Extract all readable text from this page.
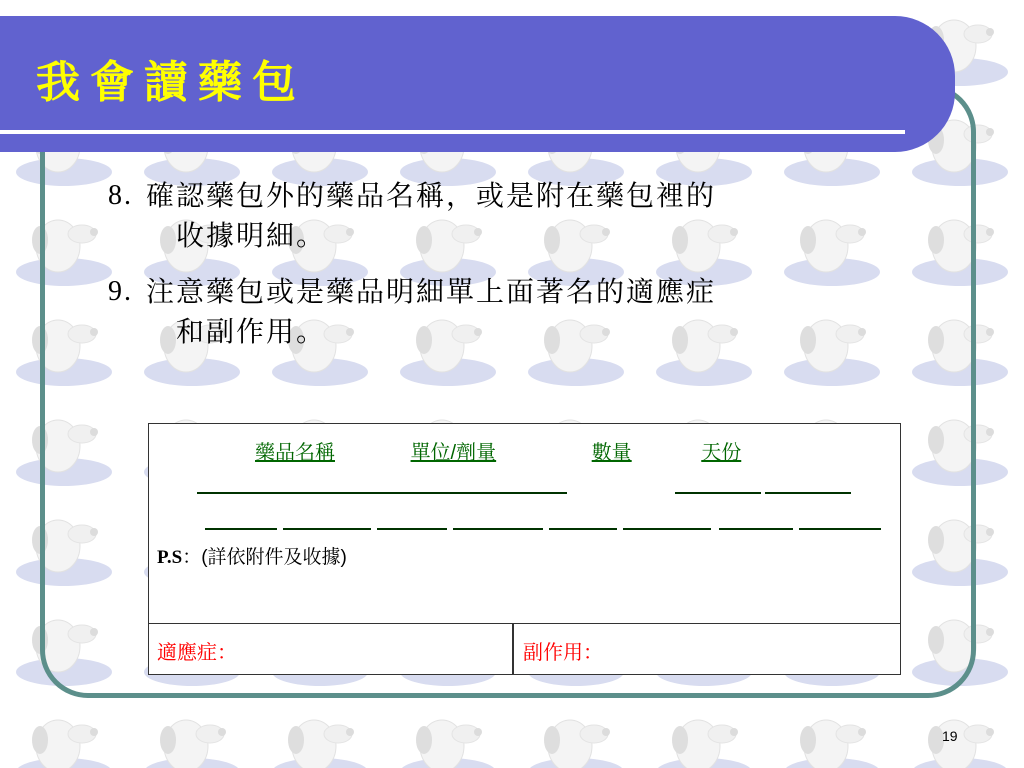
我會讀藥包
8. 確認藥包外的藥品名稱，或是附在藥包裡的
收據明細。
9. 注意藥包或是藥品明細單上面著名的適應症
和副作用。
藥品名稱	單位/劑量	數量	天份
P.S：(詳依附件及收據)
適應症：	副作用：
19
